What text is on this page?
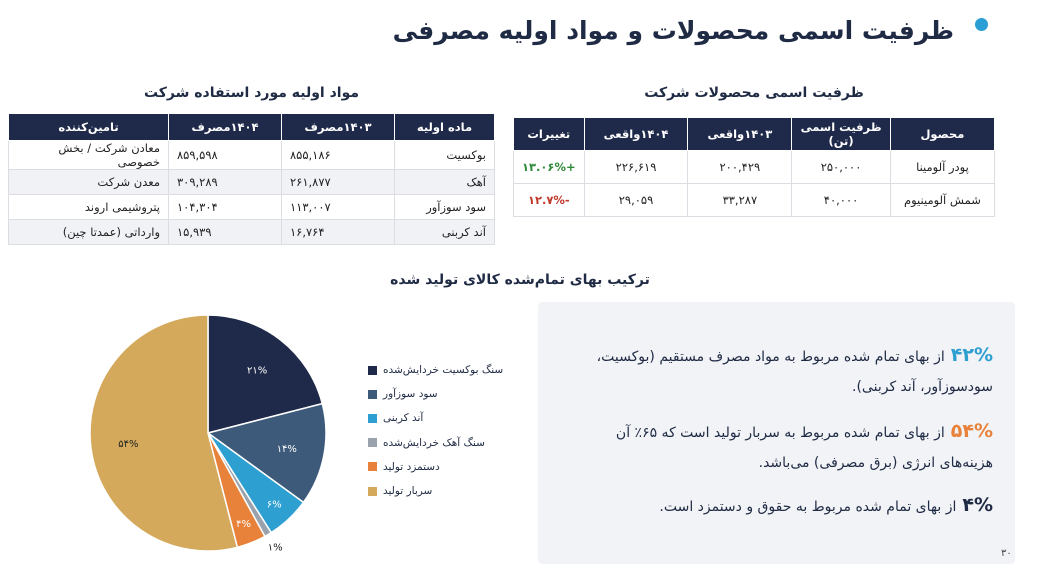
ظرفیت اسمی محصولات و مواد اولیه مصرفی
مواد اولیه مورد استفاده شرکت
ماده اولیه	۱۴۰۳مصرف	۱۴۰۴مصرف	تامین‌کننده
بوکسیت	۸۵۵,۱۸۶	۸۵۹,۵۹۸	معادن شرکت / بخش خصوصی
آهک	۲۶۱,۸۷۷	۳۰۹,۲۸۹	معدن شرکت
سود سوزآور	۱۱۳,۰۰۷	۱۰۴,۳۰۴	پتروشیمی اروند
آند کربنی	۱۶,۷۶۴	۱۵,۹۳۹	وارداتی (عمدتا چین)
ظرفیت اسمی محصولات شرکت
محصول	ظرفیت اسمی (تن)	۱۴۰۳واقعی	۱۴۰۴واقعی	تغییرات
پودر آلومینا	۲۵۰,۰۰۰	۲۰۰,۴۲۹	۲۲۶,۶۱۹	+۱۳.۰۶%
شمش آلومینیوم	۴۰,۰۰۰	۳۳,۲۸۷	۲۹,۰۵۹	-۱۲.۷%
ترکیب بهای تمام‌شده کالای تولید شده
۲۱%
۱۴%
۶%
۱%
۴%
۵۴%
سنگ بوکسیت خردایش‌شده
سود سوزآور
آند کربنی
سنگ آهک خردایش‌شده
دستمزد تولید
سربار تولید
۴۲%از بهای تمام شده مربوط به مواد مصرف مستقیم (بوکسیت، سودسوزآور، آند کربنی).
۵۴%از بهای تمام شده مربوط به سربار تولید است که ۶۵٪ آن هزینه‌های انرژی (برق مصرفی) می‌باشد.
۴%از بهای تمام شده مربوط به حقوق و دستمزد است.
۳۰
